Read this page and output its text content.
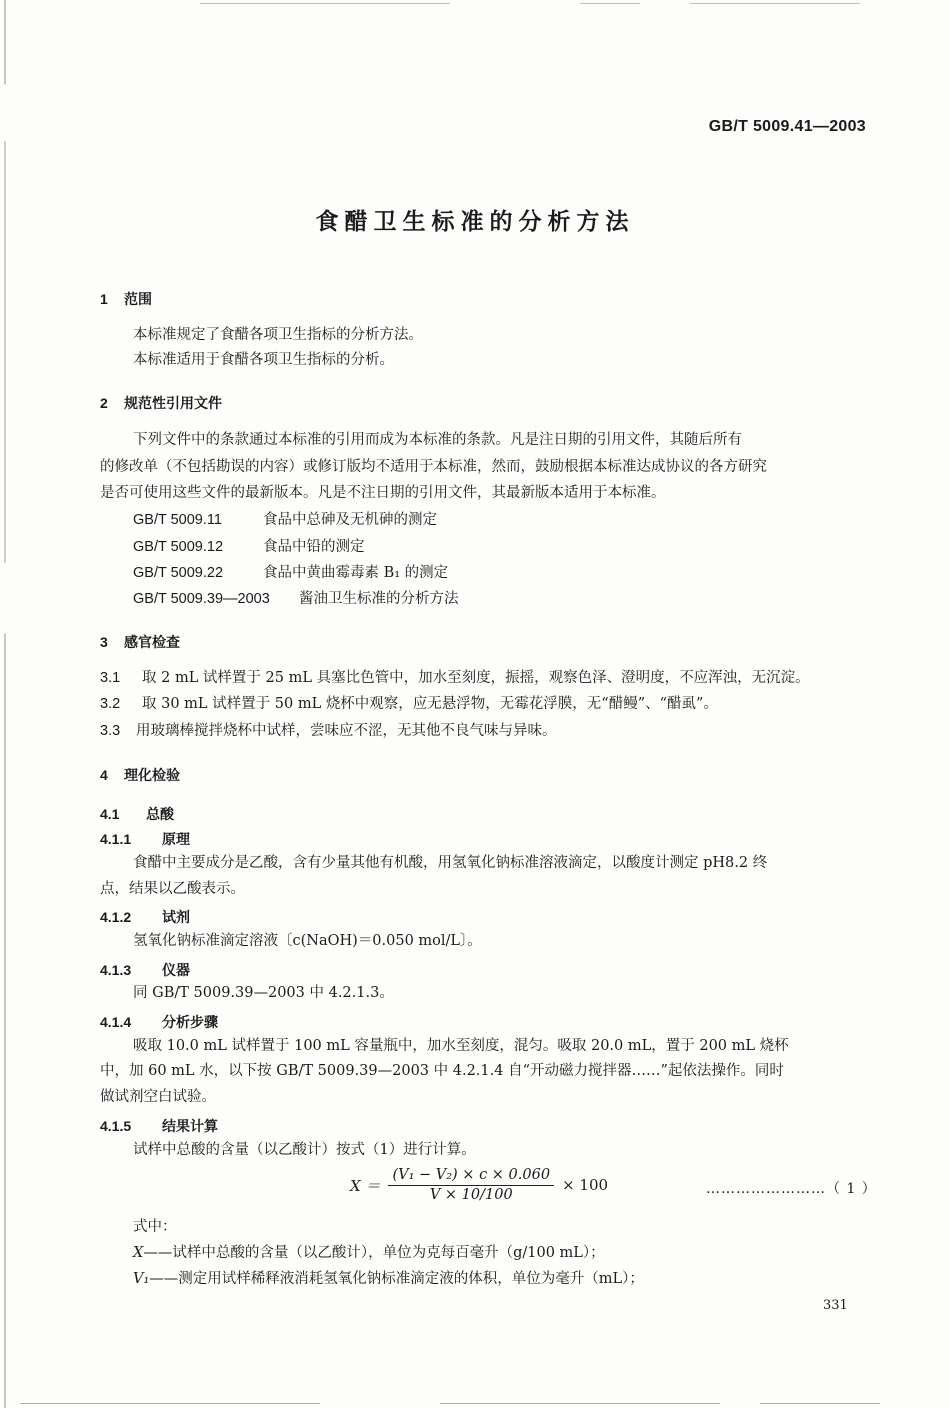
GB/T 5009.41—2003
食醋卫生标准的分析方法
1 范围
本标准规定了食醋各项卫生指标的分析方法。
本标准适用于食醋各项卫生指标的分析。
2 规范性引用文件
下列文件中的条款通过本标准的引用而成为本标准的条款。凡是注日期的引用文件，其随后所有
的修改单（不包括勘误的内容）或修订版均不适用于本标准，然而，鼓励根据本标准达成协议的各方研究
是否可使用这些文件的最新版本。凡是不注日期的引用文件，其最新版本适用于本标准。
GB/T 5009.11	食品中总砷及无机砷的测定
GB/T 5009.12	食品中铅的测定
GB/T 5009.22	食品中黄曲霉毒素 B₁ 的测定
GB/T 5009.39—2003 酱油卫生标准的分析方法
3 感官检查
3.1 取 2 mL 试样置于 25 mL 具塞比色管中，加水至刻度，振摇，观察色泽、澄明度，不应浑浊，无沉淀。
3.2 取 30 mL 试样置于 50 mL 烧杯中观察，应无悬浮物，无霉花浮膜，无“醋鳗”、“醋虱”。
3.3 用玻璃棒搅拌烧杯中试样，尝味应不涩，无其他不良气味与异味。
4 理化检验
4.1 总酸
4.1.1 原理
食醋中主要成分是乙酸，含有少量其他有机酸，用氢氧化钠标准溶液滴定，以酸度计测定 pH8.2 终
点，结果以乙酸表示。
4.1.2 试剂
氢氧化钠标准滴定溶液〔c(NaOH)＝0.050 mol/L〕。
4.1.3 仪器
同 GB/T 5009.39—2003 中 4.2.1.3。
4.1.4 分析步骤
吸取 10.0 mL 试样置于 100 mL 容量瓶中，加水至刻度，混匀。吸取 20.0 mL，置于 200 mL 烧杯
中，加 60 mL 水，以下按 GB/T 5009.39—2003 中 4.2.1.4 自“开动磁力搅拌器……”起依法操作。同时
做试剂空白试验。
4.1.5 结果计算
试样中总酸的含量（以乙酸计）按式（1）进行计算。
$X = \frac{\text{(V₁ − V₂) × c × 0.060}}{V \times 10/100} \times 100$	……………………（ 1 ）
式中：
X——试样中总酸的含量（以乙酸计），单位为克每百毫升（g/100 mL）；
V₁——测定用试样稀释液消耗氢氧化钠标准滴定液的体积，单位为毫升（mL）；
331
